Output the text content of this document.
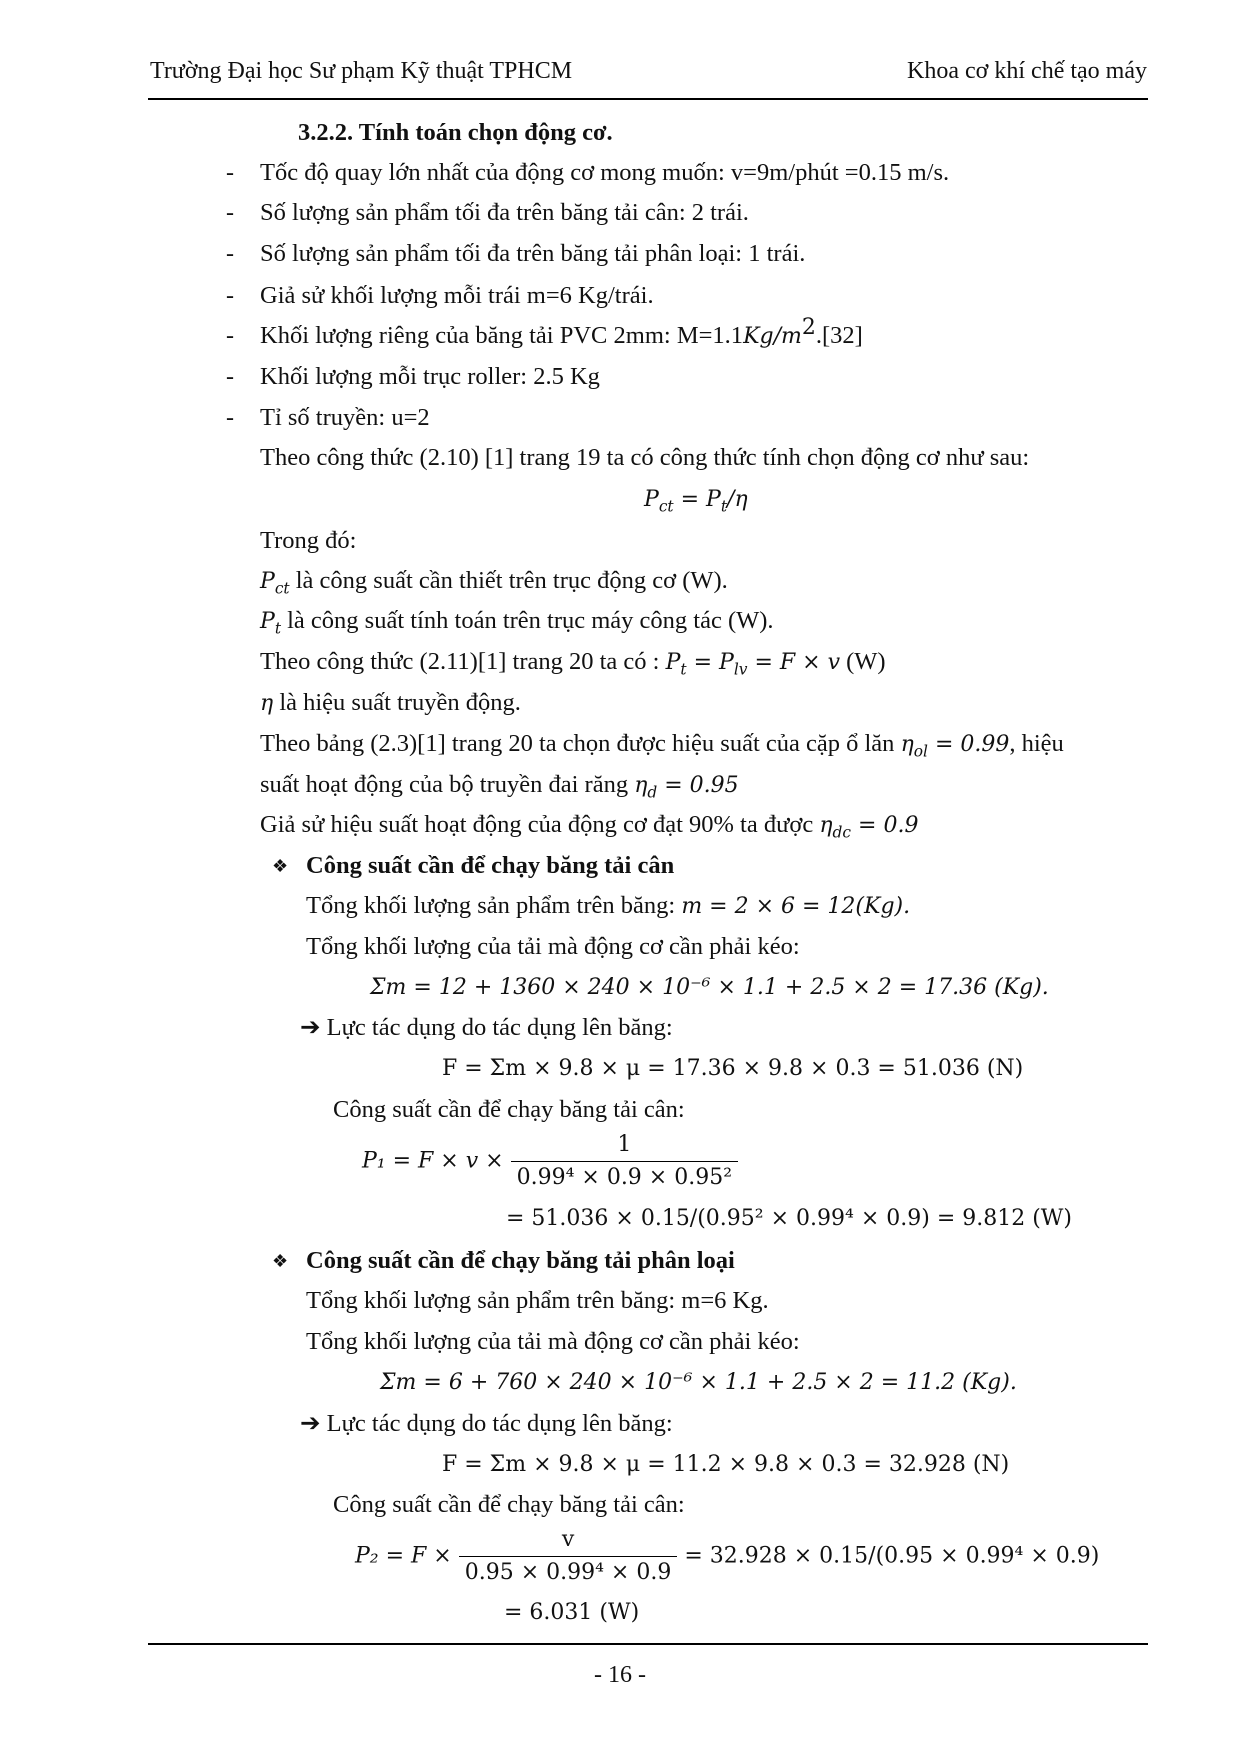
Trường Đại học Sư phạm Kỹ thuật TPHCM	Khoa cơ khí chế tạo máy
3.2.2. Tính toán chọn động cơ.
- Tốc độ quay lớn nhất của động cơ mong muốn: v=9m/phút =0.15 m/s.
- Số lượng sản phẩm tối đa trên băng tải cân: 2 trái.
- Số lượng sản phẩm tối đa trên băng tải phân loại: 1 trái.
- Giả sử khối lượng mỗi trái m=6 Kg/trái.
- Khối lượng riêng của băng tải PVC 2mm: $M=1.1Kg/m^2.[32]$
- Khối lượng mỗi trục roller: 2.5 Kg
- Tỉ số truyền: u=2
Theo công thức (2.10) [1] trang 19 ta có công thức tính chọn động cơ như sau:
$P_{ct} = P_t/\eta$
Trong đó:
$P_{ct}$ là công suất cần thiết trên trục động cơ (W).
$P_t$ là công suất tính toán trên trục máy công tác (W).
Theo công thức (2.11)[1] trang 20 ta có : $P_t = P_{lv} = F \times v$ (W)
η là hiệu suất truyền động.
Theo bảng (2.3)[1] trang 20 ta chọn được hiệu suất của cặp ổ lăn $\eta_{ol} = 0.99$, hiệu
suất hoạt động của bộ truyền đai răng $\eta_d = 0.95$
Giả sử hiệu suất hoạt động của động cơ đạt 90% ta được $\eta_{dc} = 0.9$
❖ Công suất cần để chạy băng tải cân
Tổng khối lượng sản phẩm trên băng: m = 2 × 6 = 12(Kg).
Tổng khối lượng của tải mà động cơ cần phải kéo:
Σm = 12 + 1360 × 240 × 10⁻⁶ × 1.1 + 2.5 × 2 = 17.36 (Kg).
➔ Lực tác dụng do tác dụng lên băng:
F = Σm × 9.8 × μ = 17.36 × 9.8 × 0.3 = 51.036 (N)
Công suất cần để chạy băng tải cân:
$P_1 = F \times v \times \frac{1}{\text{0.99⁴ × 0.9 × 0.95²}}$
= 51.036 × 0.15/(0.95² × 0.99⁴ × 0.9) = 9.812 (W)
❖ Công suất cần để chạy băng tải phân loại
Tổng khối lượng sản phẩm trên băng: m=6 Kg.
Tổng khối lượng của tải mà động cơ cần phải kéo:
Σm = 6 + 760 × 240 × 10⁻⁶ × 1.1 + 2.5 × 2 = 11.2 (Kg).
➔ Lực tác dụng do tác dụng lên băng:
F = Σm × 9.8 × μ = 11.2 × 9.8 × 0.3 = 32.928 (N)
Công suất cần để chạy băng tải cân:
$P_2 = F \times \frac{v}{\text{0.95 × 0.99⁴ × 0.9}} = 32.928 \times 0.15/(0.95 \times 0.99^4 \times 0.9)$
= 6.031 (W)
- 16 -
